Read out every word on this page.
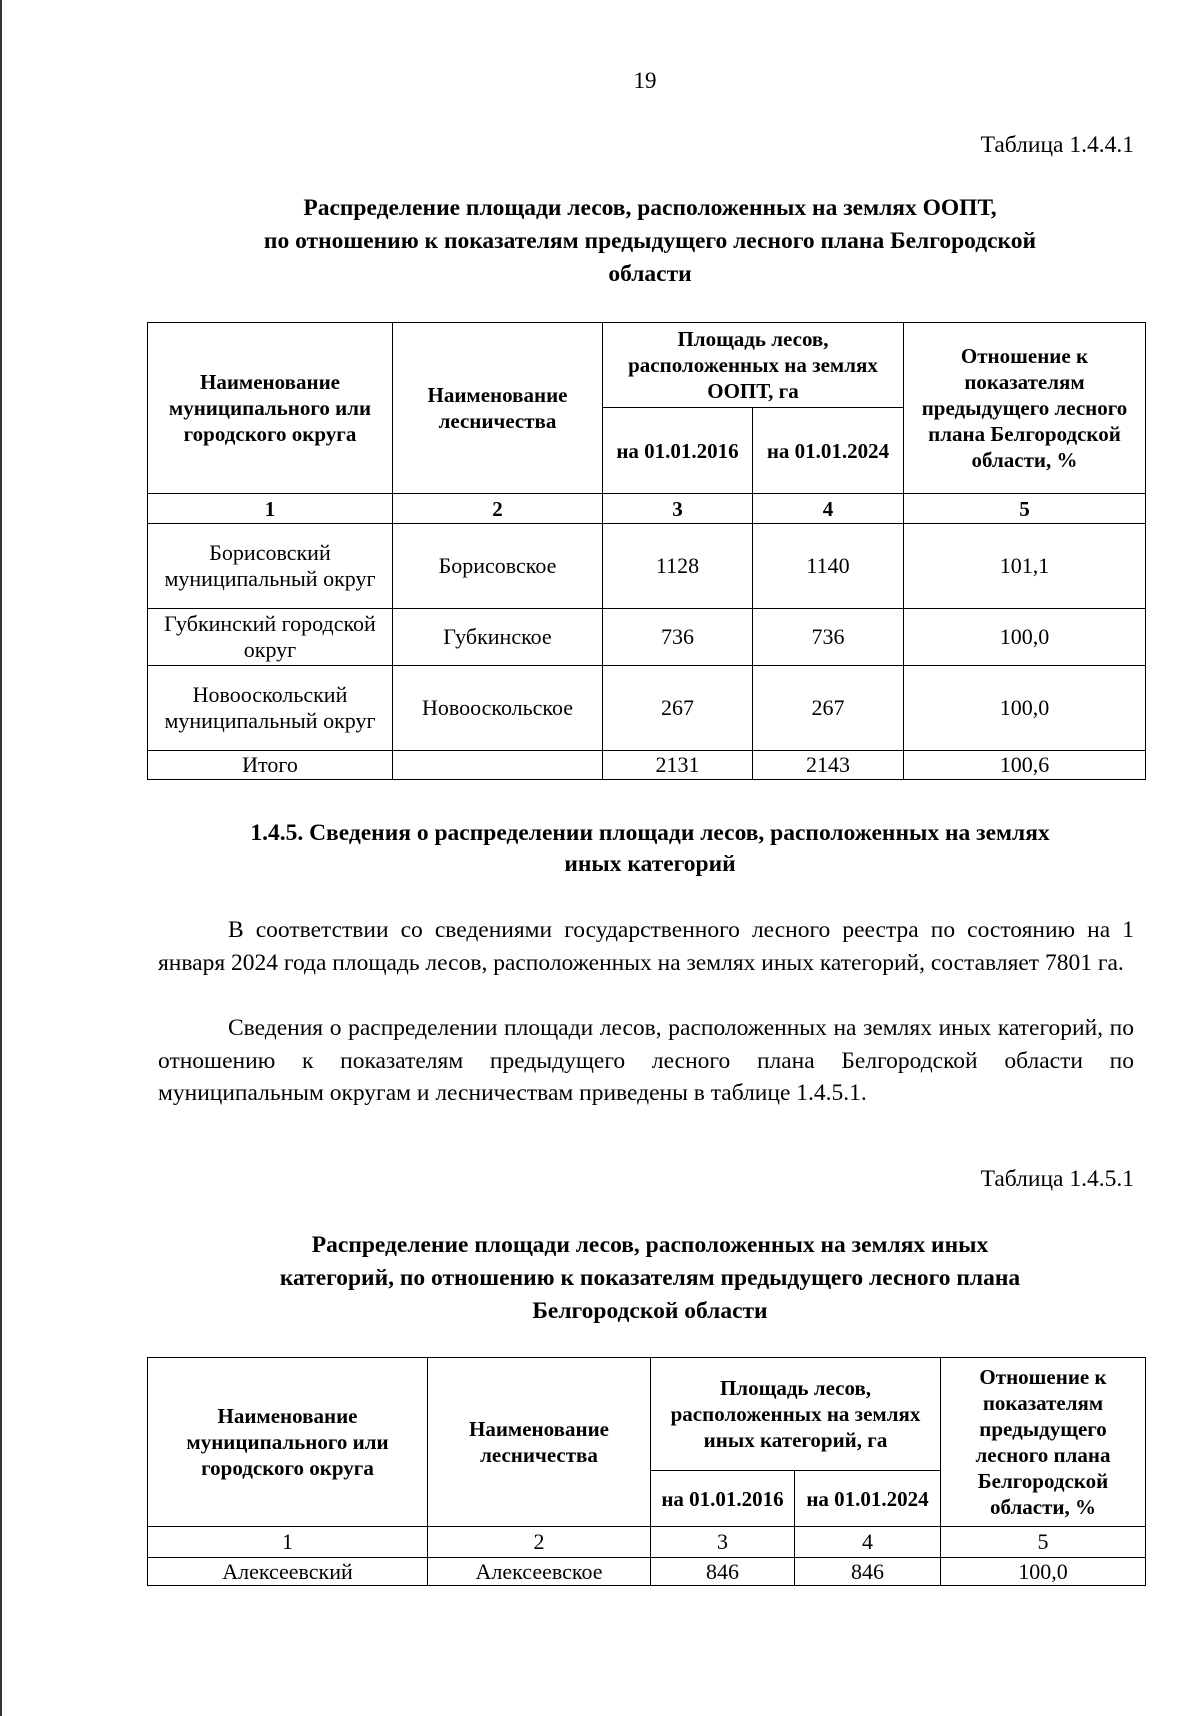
19
Таблица 1.4.4.1
Распределение площади лесов, расположенных на землях ООПТ,
по отношению к показателям предыдущего лесного плана Белгородской
области
Наименование муниципального или городского округа	Наименование лесничества	Площадь лесов, расположенных на землях ООПТ, га		Отношение к показателям предыдущего лесного плана Белгородской области, %
		на 01.01.2016	на 01.01.2024	
1	2	3	4	5
Борисовский муниципальный округ	Борисовское	1128	1140	101,1
Губкинский городской округ	Губкинское	736	736	100,0
Новооскольский муниципальный округ	Новооскольское	267	267	100,0
Итого		2131	2143	100,6
1.4.5. Сведения о распределении площади лесов, расположенных на землях
иных категорий
В соответствии со сведениями государственного лесного реестра по состоянию на 1 января 2024 года площадь лесов, расположенных на землях иных категорий, составляет 7801 га.
Сведения о распределении площади лесов, расположенных на землях иных категорий, по отношению к показателям предыдущего лесного плана Белгородской области по муниципальным округам и лесничествам приведены в таблице 1.4.5.1.
Таблица 1.4.5.1
Распределение площади лесов, расположенных на землях иных
категорий, по отношению к показателям предыдущего лесного плана
Белгородской области
Наименование муниципального или городского округа	Наименование лесничества	Площадь лесов, расположенных на землях иных категорий, га		Отношение к показателям предыдущего лесного плана Белгородской области, %
		на 01.01.2016	на 01.01.2024	
1	2	3	4	5
Алексеевский	Алексеевское	846	846	100,0
